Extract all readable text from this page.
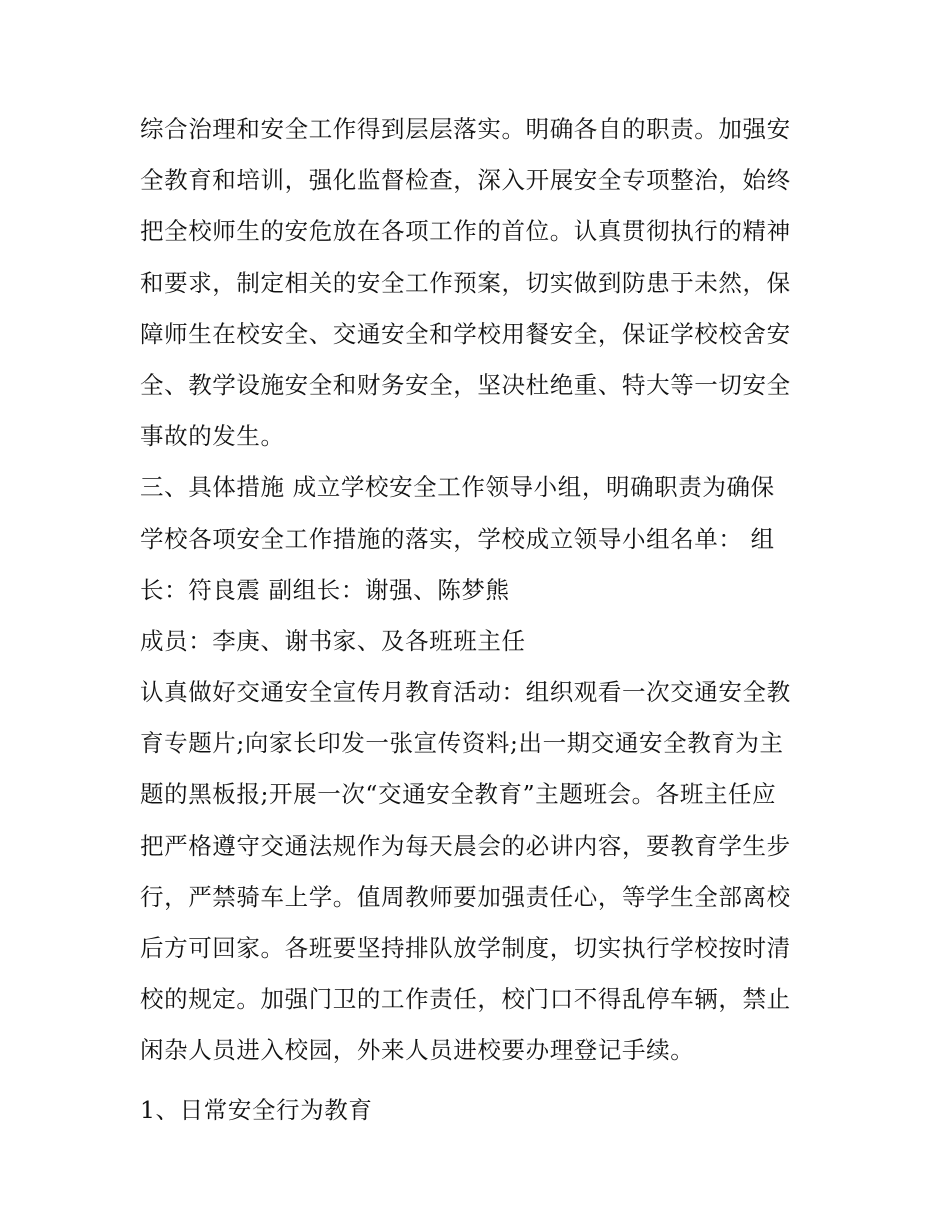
综合治理和安全工作得到层层落实。明确各自的职责。加强安
全教育和培训，强化监督检查，深入开展安全专项整治，始终
把全校师生的安危放在各项工作的首位。认真贯彻执行的精神
和要求，制定相关的安全工作预案，切实做到防患于未然，保
障师生在校安全、交通安全和学校用餐安全，保证学校校舍安
全、教学设施安全和财务安全，坚决杜绝重、特大等一切安全
事故的发生。
三、具体措施 成立学校安全工作领导小组，明确职责为确保
学校各项安全工作措施的落实，学校成立领导小组名单： 组
长：符良震 副组长：谢强、陈梦熊
成员：李庚、谢书家、及各班班主任
认真做好交通安全宣传月教育活动：组织观看一次交通安全教
育专题片;向家长印发一张宣传资料;出一期交通安全教育为主
题的黑板报;开展一次“交通安全教育”主题班会。各班主任应
把严格遵守交通法规作为每天晨会的必讲内容，要教育学生步
行，严禁骑车上学。值周教师要加强责任心，等学生全部离校
后方可回家。各班要坚持排队放学制度，切实执行学校按时清
校的规定。加强门卫的工作责任，校门口不得乱停车辆，禁止
闲杂人员进入校园，外来人员进校要办理登记手续。
1、日常安全行为教育
